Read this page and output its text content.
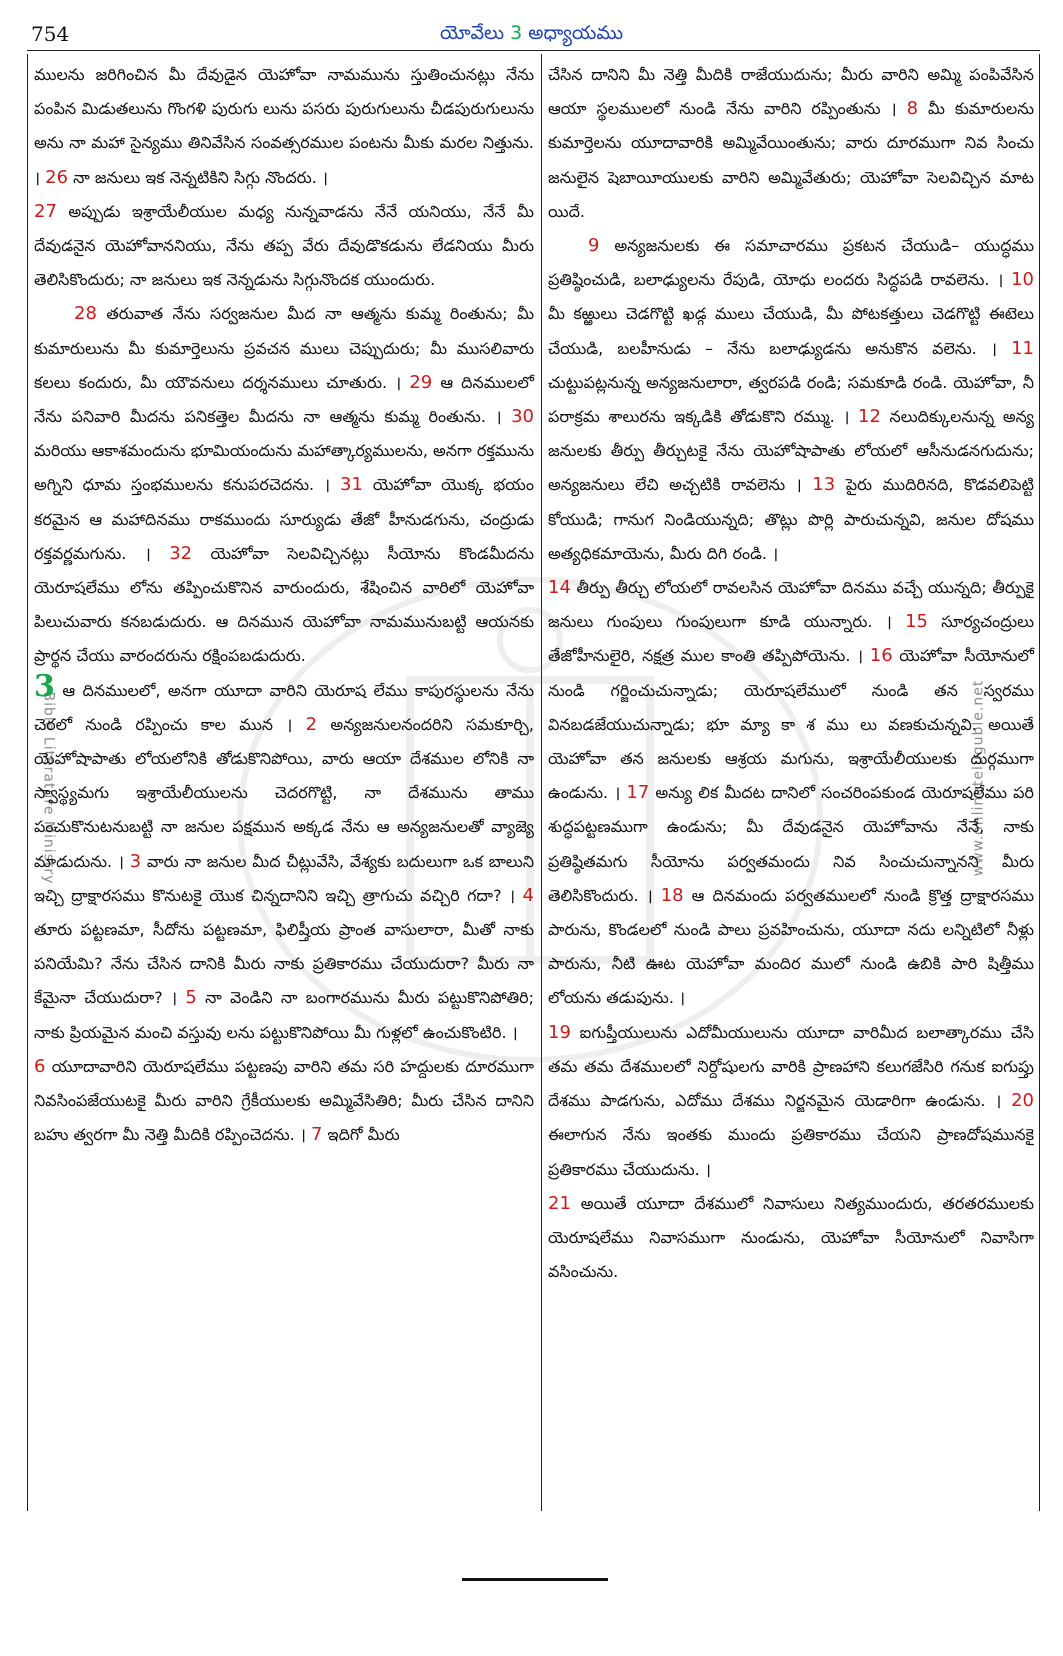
754	యోవేలు 3 అధ్యాయము
Bible Literature Ministry	www.onlineteluguble.net

ములను జరిగించిన మీ దేవుడైన యెహోవా నామమును స్తుతించునట్లు నేను పంపిన మిడుతలును గొంగళి పురుగు లును పసరు పురుగులును చీడపురుగులును అను నా మహా సైన్యము తినివేసిన సంవత్సరముల పంటను మీకు మరల నిత్తును. । 26 నా జనులు ఇక నెన్నటికిని సిగ్గు నొందరు. ।

27 అప్పుడు ఇశ్రాయేలీయుల మధ్య నున్నవాడను నేనే యనియు, నేనే మీ దేవుడనైన యెహోవాననియు, నేను తప్ప వేరు దేవుడొకడును లేడనియు మీరు తెలిసికొందురు; నా జనులు ఇక నెన్నడును సిగ్గునొందక యుందురు.

28 తరువాత నేను సర్వజనుల మీద నా ఆత్మను కుమ్మ రింతును; మీ కుమారులును మీ కుమార్తెలును ప్రవచన ములు చెప్పుదురు; మీ ముసలివారు కలలు కందురు, మీ యౌవనులు దర్శనములు చూతురు. । 29 ఆ దినములలో నేను పనివారి మీదను పనికత్తెల మీదను నా ఆత్మను కుమ్మ రింతును. । 30 మరియు ఆకాశమందును భూమియందును మహాత్కార్యములను, అనగా రక్తమును అగ్నిని ధూమ స్తంభములను కనుపరచెదను. । 31 యెహోవా యొక్క భయం కరమైన ఆ మహాదినము రాకముందు సూర్యుడు తేజో హీనుడగును, చంద్రుడు రక్తవర్ణమగును. । 32 యెహోవా సెలవిచ్చినట్లు సీయోను కొండమీదను యెరూషలేము లోను తప్పించుకొనిన వారుందురు, శేషించిన వారిలో యెహోవా పిలుచువారు కనబడుదురు. ఆ దినమున యెహోవా నామమునుబట్టి ఆయనకు ప్రార్థన చేయు వారందరును రక్షింపబడుదురు.

3 ఆ దినములలో, అనగా యూదా వారిని యెరూష లేము కాపురస్థులను నేను చెరలో నుండి రప్పించు కాల మున । 2 అన్యజనులనందరిని సమకూర్చి, యెహోషాపాతు లోయలోనికి తోడుకొనిపోయి, వారు ఆయా దేశముల లోనికి నా స్వాస్థ్యమగు ఇశ్రాయేలీయులను చెదరగొట్టి, నా దేశమును తాము పంచుకొనుటనుబట్టి నా జనుల పక్షమున అక్కడ నేను ఆ అన్యజనులతో వ్యాజ్యె మాడుదును. । 3 వారు నా జనుల మీద చీట్లువేసి, వేశ్యకు బదులుగా ఒక బాలుని ఇచ్చి ద్రాక్షారసము కొనుటకై యొక చిన్నదానిని ఇచ్చి త్రాగుచు వచ్చిరి గదా? । 4 తూరు పట్టణమా, సీదోను పట్టణమా, ఫిలిష్తీయ ప్రాంత వాసులారా, మీతో నాకు పనియేమి? నేను చేసిన దానికి మీరు నాకు ప్రతికారము చేయుదురా? మీరు నా కేమైనా చేయుదురా? । 5 నా వెండిని నా బంగారమును మీరు పట్టుకొనిపోతిరి; నాకు ప్రియమైన మంచి వస్తువు లను పట్టుకొనిపోయి మీ గుళ్లలో ఉంచుకొంటిరి. ।

6 యూదావారిని యెరూషలేము పట్టణపు వారిని తమ సరి హద్దులకు దూరముగా నివసింపజేయుటకై మీరు వారిని గ్రేకీయులకు అమ్మివేసితిరి; మీరు చేసిన దానిని బహు త్వరగా మీ నెత్తి మీదికి రప్పించెదను. । 7 ఇదిగో మీరు

చేసిన దానిని మీ నెత్తి మీదికి రాజేయుదును; మీరు వారిని అమ్మి పంపివేసిన ఆయా స్థలములలో నుండి నేను వారిని రప్పింతును । 8 మీ కుమారులను కుమార్తెలను యూదావారికి అమ్మివేయింతును; వారు దూరముగా నివ సించు జనులైన షెబాయీయులకు వారిని అమ్మివేతురు; యెహోవా సెలవిచ్చిన మాట యిదే.

9 అన్యజనులకు ఈ సమాచారము ప్రకటన చేయుడి– యుద్ధము ప్రతిష్ఠించుడి, బలాఢ్యులను రేపుడి, యోధు లందరు సిద్ధపడి రావలెను. । 10 మీ కఱ్ఱులు చెడగొట్టి ఖడ్గ ములు చేయుడి, మీ పోటకత్తులు చెడగొట్టి ఈటెలు చేయుడి, బలహీనుడు – నేను బలాఢ్యుడను అనుకొన వలెను. । 11 చుట్టుపట్లనున్న అన్యజనులారా, త్వరపడి రండి; సమకూడి రండి. యెహోవా, నీ పరాక్రమ శాలురను ఇక్కడికి తోడుకొని రమ్ము. । 12 నలుదిక్కులనున్న అన్య జనులకు తీర్పు తీర్చుటకై నేను యెహోషాపాతు లోయలో ఆసీనుడనగుదును; అన్యజనులు లేచి అచ్చటికి రావలెను । 13 పైరు ముదిరినది, కొడవలిపెట్టి కోయుడి; గానుగ నిండియున్నది; తొట్లు పొర్లి పారుచున్నవి, జనుల దోషము అత్యధికమాయెను, మీరు దిగి రండి. ।

14 తీర్పు తీర్చు లోయలో రావలసిన యెహోవా దినము వచ్చే యున్నది; తీర్పుకై జనులు గుంపులు గుంపులుగా కూడి యున్నారు. । 15 సూర్యచంద్రులు తేజోహీనులైరి, నక్షత్ర ముల కాంతి తప్పిపోయెను. । 16 యెహోవా సీయోనులో నుండి గర్జించుచున్నాడు; యెరూషలేములో నుండి తన స్వరము వినబడజేయుచున్నాడు; భూ మ్యా కా శ ము లు వణకుచున్నవి. అయితే యెహోవా తన జనులకు ఆశ్రయ మగును, ఇశ్రాయేలీయులకు దుర్గముగా ఉండును. । 17 అన్యు లిక మీదట దానిలో సంచరింపకుండ యెరూషలేము పరి శుద్ధపట్టణముగా ఉండును; మీ దేవుడనైన యెహోవాను నేనే, నాకు ప్రతిష్ఠితమగు సీయోను పర్వతమందు నివ సించుచున్నానని మీరు తెలిసికొందురు. । 18 ఆ దినమందు పర్వతములలో నుండి క్రొత్త ద్రాక్షారసము పారును, కొండలలో నుండి పాలు ప్రవహించును, యూదా నదు లన్నిటిలో నీళ్లు పారును, నీటి ఊట యెహోవా మందిర ములో నుండి ఉబికి పారి షిత్తీము లోయను తడుపును. ।

19 ఐగుప్తీయులును ఎదోమీయులును యూదా వారిమీద బలాత్కారము చేసి తమ తమ దేశములలో నిర్దోషులగు వారికి ప్రాణహాని కలుగజేసిరి గనుక ఐగుప్తు దేశము పాడగును, ఎదోము దేశము నిర్జనమైన యెడారిగా ఉండును. । 20 ఈలాగున నేను ఇంతకు ముందు ప్రతికారము చేయని ప్రాణదోషమునకై ప్రతికారము చేయుదును. ।

21 అయితే యూదా దేశములో నివాసులు నిత్యముందురు, తరతరములకు యెరూషలేము నివాసముగా నుండును, యెహోవా సీయోనులో నివాసిగా వసించును.
